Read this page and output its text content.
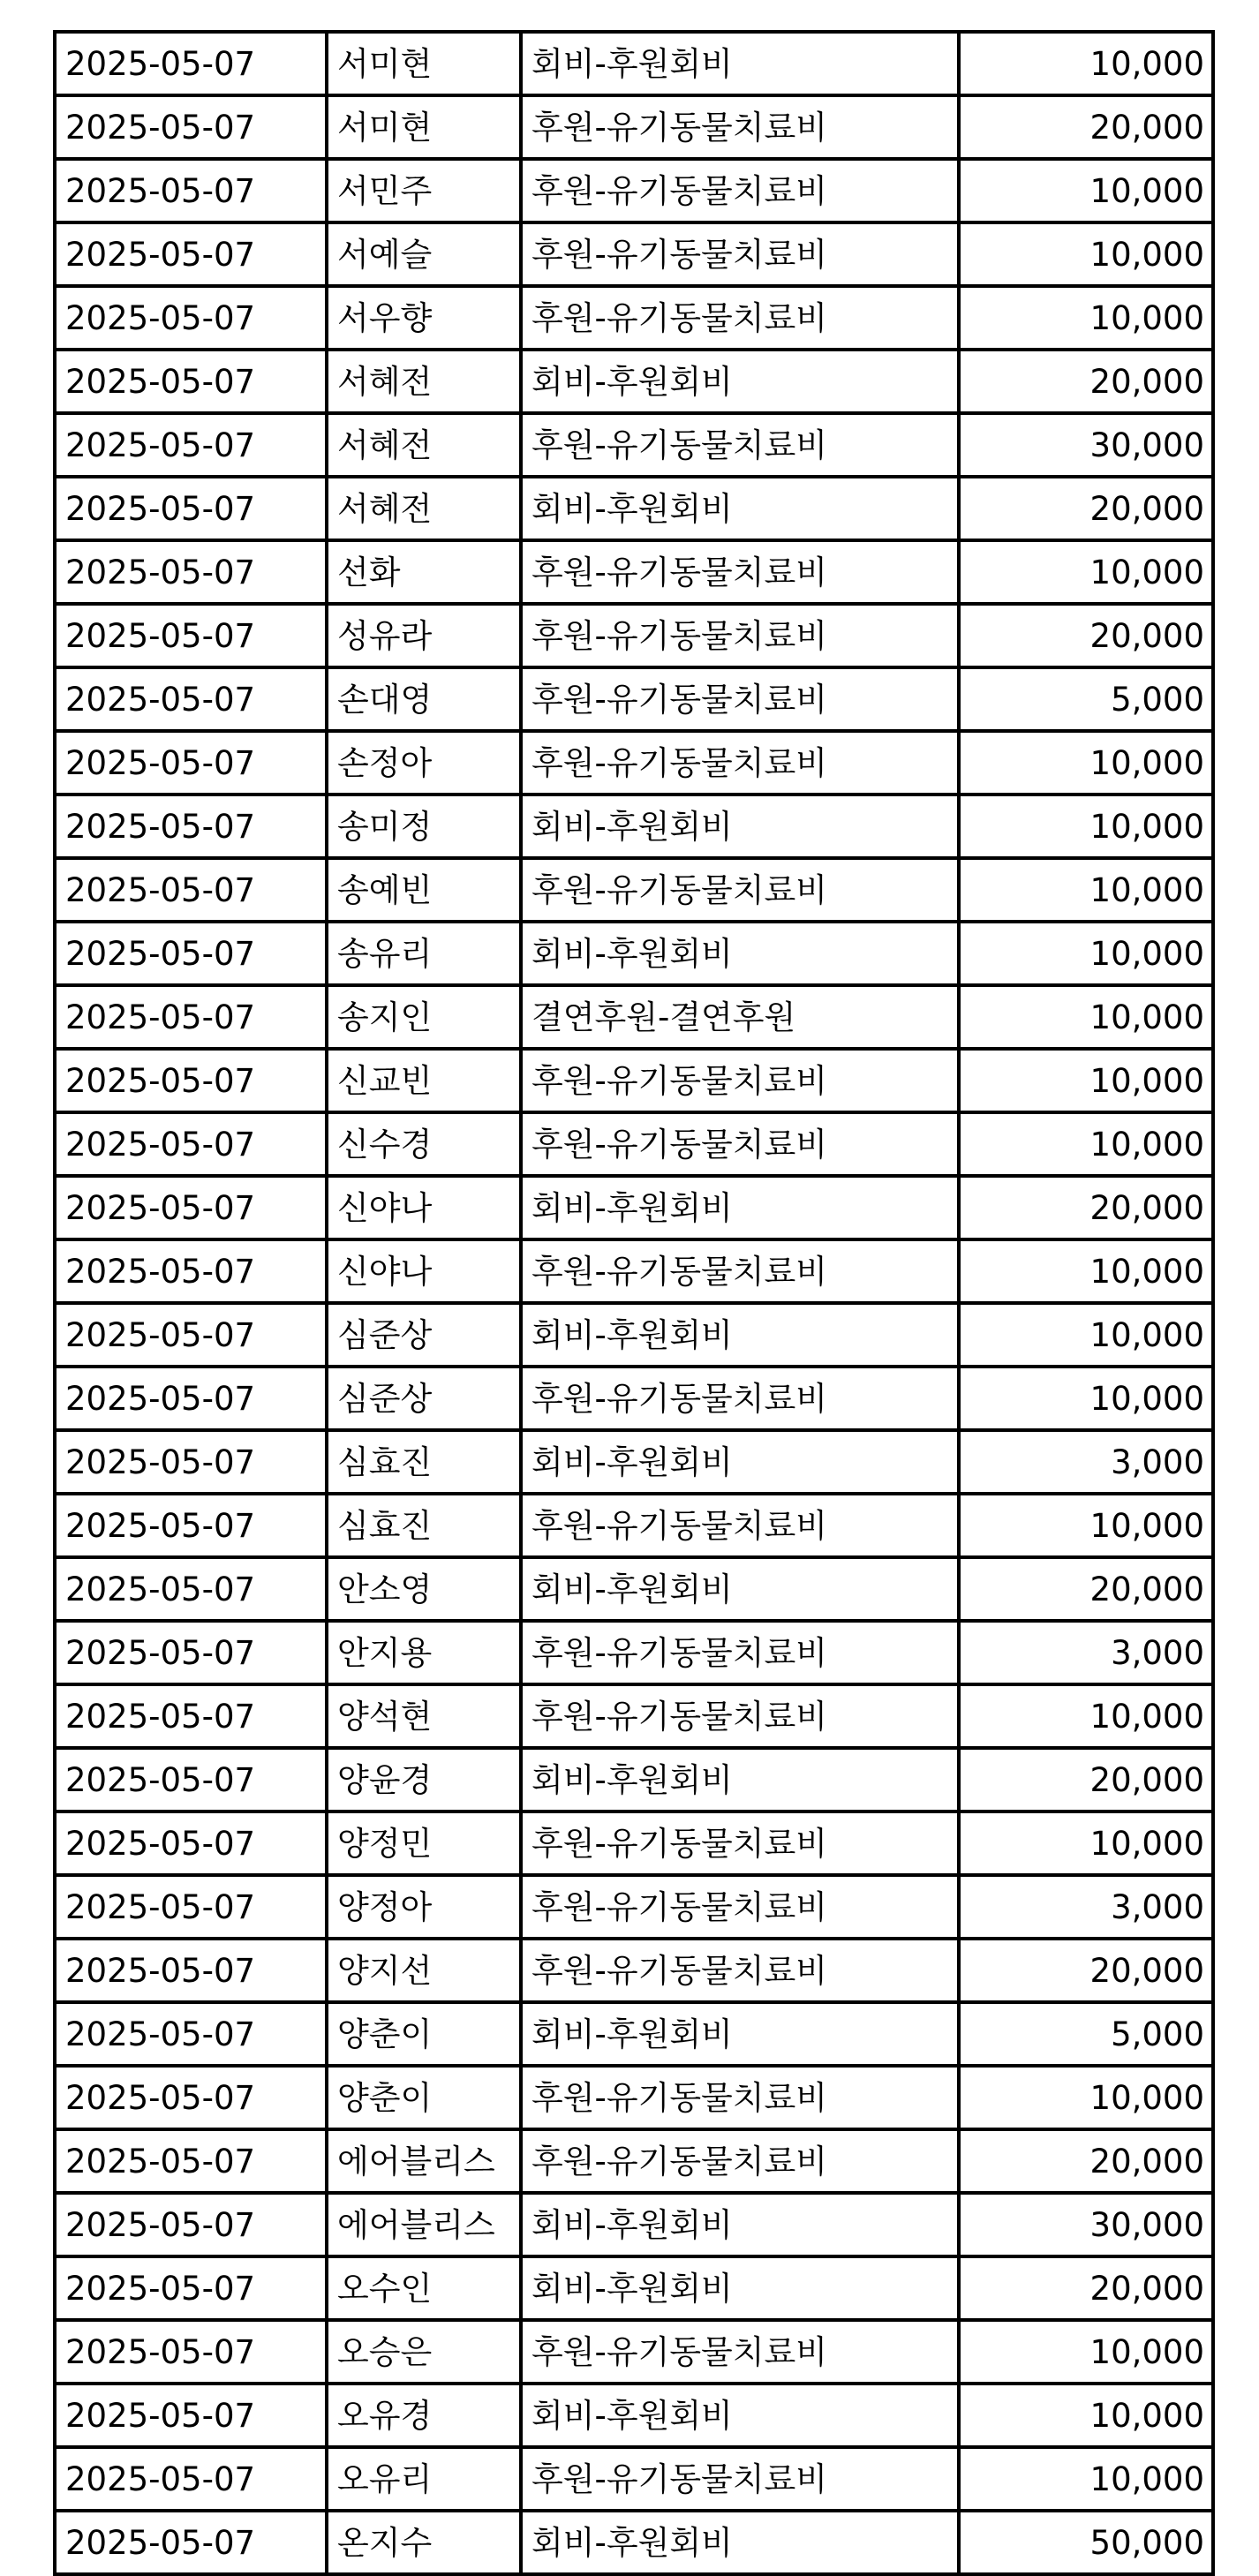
2025-05-07	서미현	회비-후원회비	10,000
2025-05-07	서미현	후원-유기동물치료비	20,000
2025-05-07	서민주	후원-유기동물치료비	10,000
2025-05-07	서예슬	후원-유기동물치료비	10,000
2025-05-07	서우향	후원-유기동물치료비	10,000
2025-05-07	서혜전	회비-후원회비	20,000
2025-05-07	서혜전	후원-유기동물치료비	30,000
2025-05-07	서혜전	회비-후원회비	20,000
2025-05-07	선화	후원-유기동물치료비	10,000
2025-05-07	성유라	후원-유기동물치료비	20,000
2025-05-07	손대영	후원-유기동물치료비	5,000
2025-05-07	손정아	후원-유기동물치료비	10,000
2025-05-07	송미정	회비-후원회비	10,000
2025-05-07	송예빈	후원-유기동물치료비	10,000
2025-05-07	송유리	회비-후원회비	10,000
2025-05-07	송지인	결연후원-결연후원	10,000
2025-05-07	신교빈	후원-유기동물치료비	10,000
2025-05-07	신수경	후원-유기동물치료비	10,000
2025-05-07	신야나	회비-후원회비	20,000
2025-05-07	신야나	후원-유기동물치료비	10,000
2025-05-07	심준상	회비-후원회비	10,000
2025-05-07	심준상	후원-유기동물치료비	10,000
2025-05-07	심효진	회비-후원회비	3,000
2025-05-07	심효진	후원-유기동물치료비	10,000
2025-05-07	안소영	회비-후원회비	20,000
2025-05-07	안지용	후원-유기동물치료비	3,000
2025-05-07	양석현	후원-유기동물치료비	10,000
2025-05-07	양윤경	회비-후원회비	20,000
2025-05-07	양정민	후원-유기동물치료비	10,000
2025-05-07	양정아	후원-유기동물치료비	3,000
2025-05-07	양지선	후원-유기동물치료비	20,000
2025-05-07	양춘이	회비-후원회비	5,000
2025-05-07	양춘이	후원-유기동물치료비	10,000
2025-05-07	에어블리스	후원-유기동물치료비	20,000
2025-05-07	에어블리스	회비-후원회비	30,000
2025-05-07	오수인	회비-후원회비	20,000
2025-05-07	오승은	후원-유기동물치료비	10,000
2025-05-07	오유경	회비-후원회비	10,000
2025-05-07	오유리	후원-유기동물치료비	10,000
2025-05-07	온지수	회비-후원회비	50,000
